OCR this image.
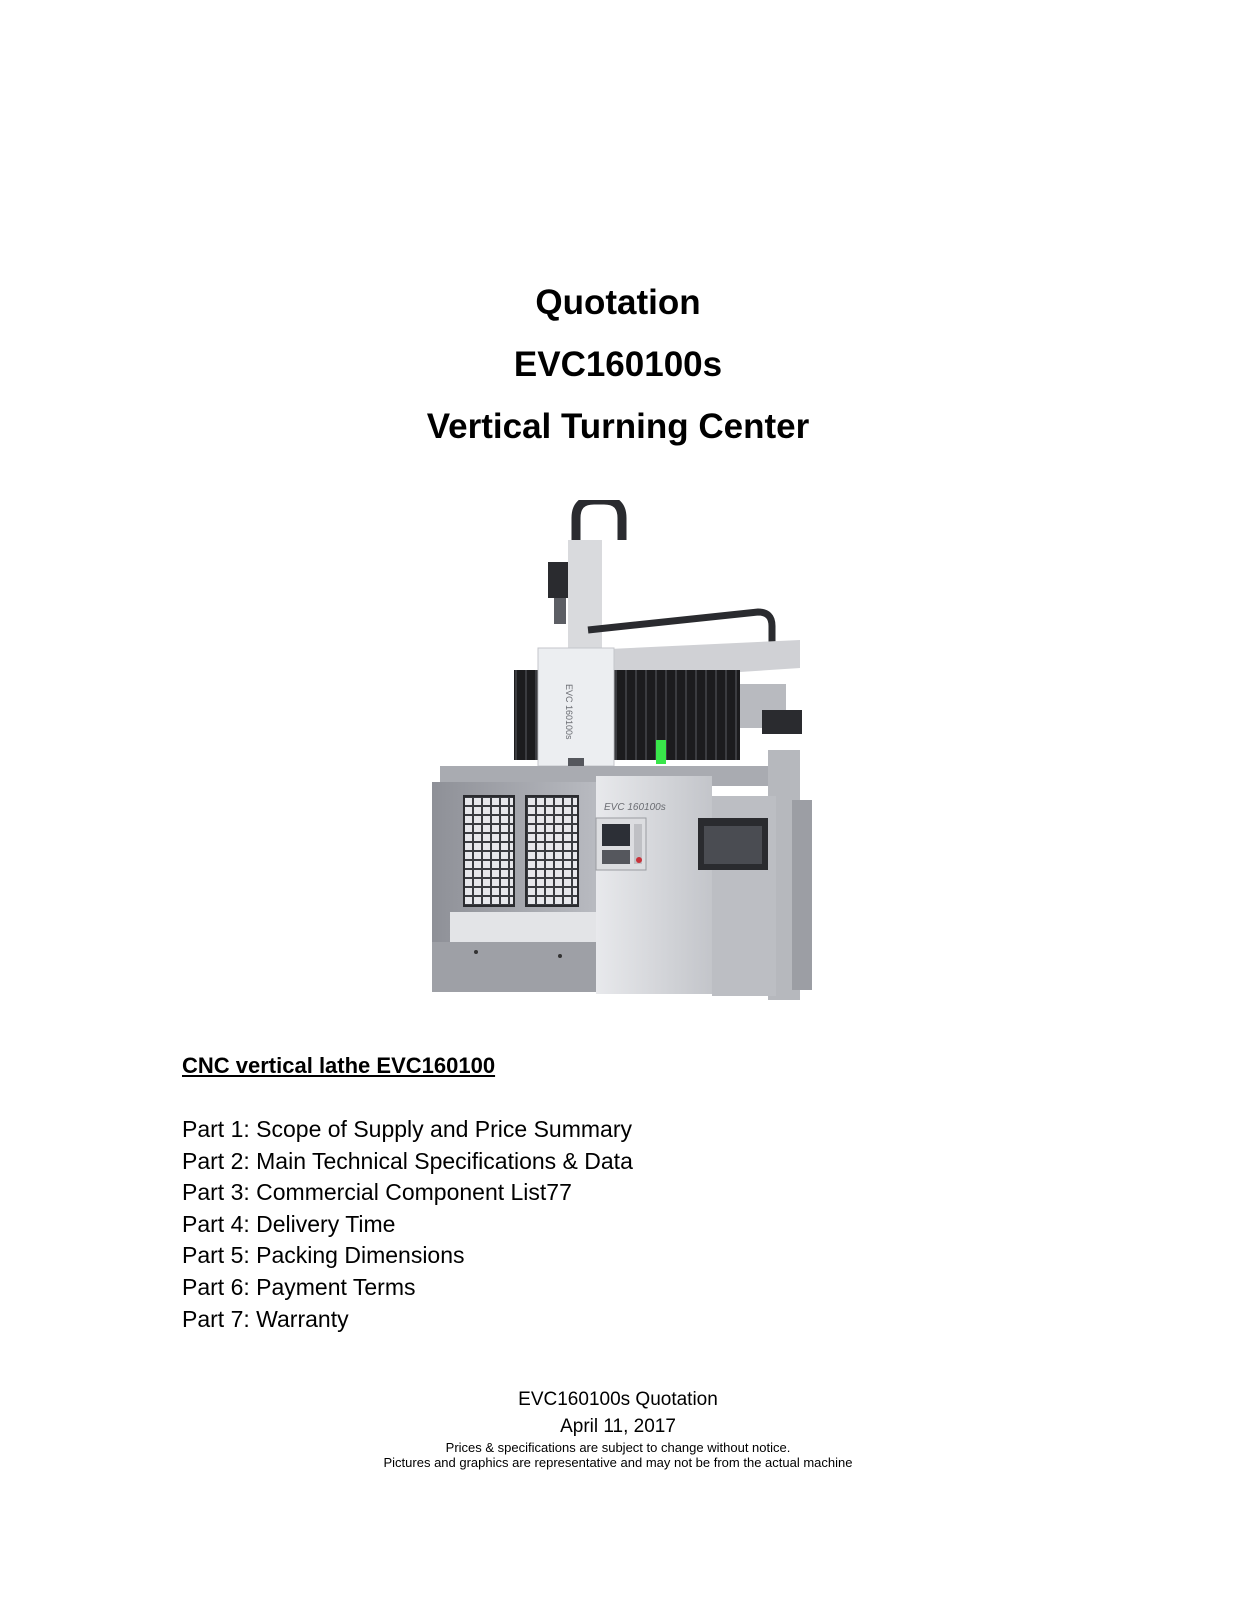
Quotation
EVC160100s
Vertical Turning Center
EVC 160100s
EVC 160100s

CNC vertical lathe EVC160100

Part 1: Scope of Supply and Price Summary
Part 2: Main Technical Specifications & Data
Part 3: Commercial Component List77
Part 4: Delivery Time
Part 5: Packing Dimensions
Part 6: Payment Terms
Part 7: Warranty
EVC160100s Quotation
April 11, 2017
Prices & specifications are subject to change without notice.
Pictures and graphics are representative and may not be from the actual machine
